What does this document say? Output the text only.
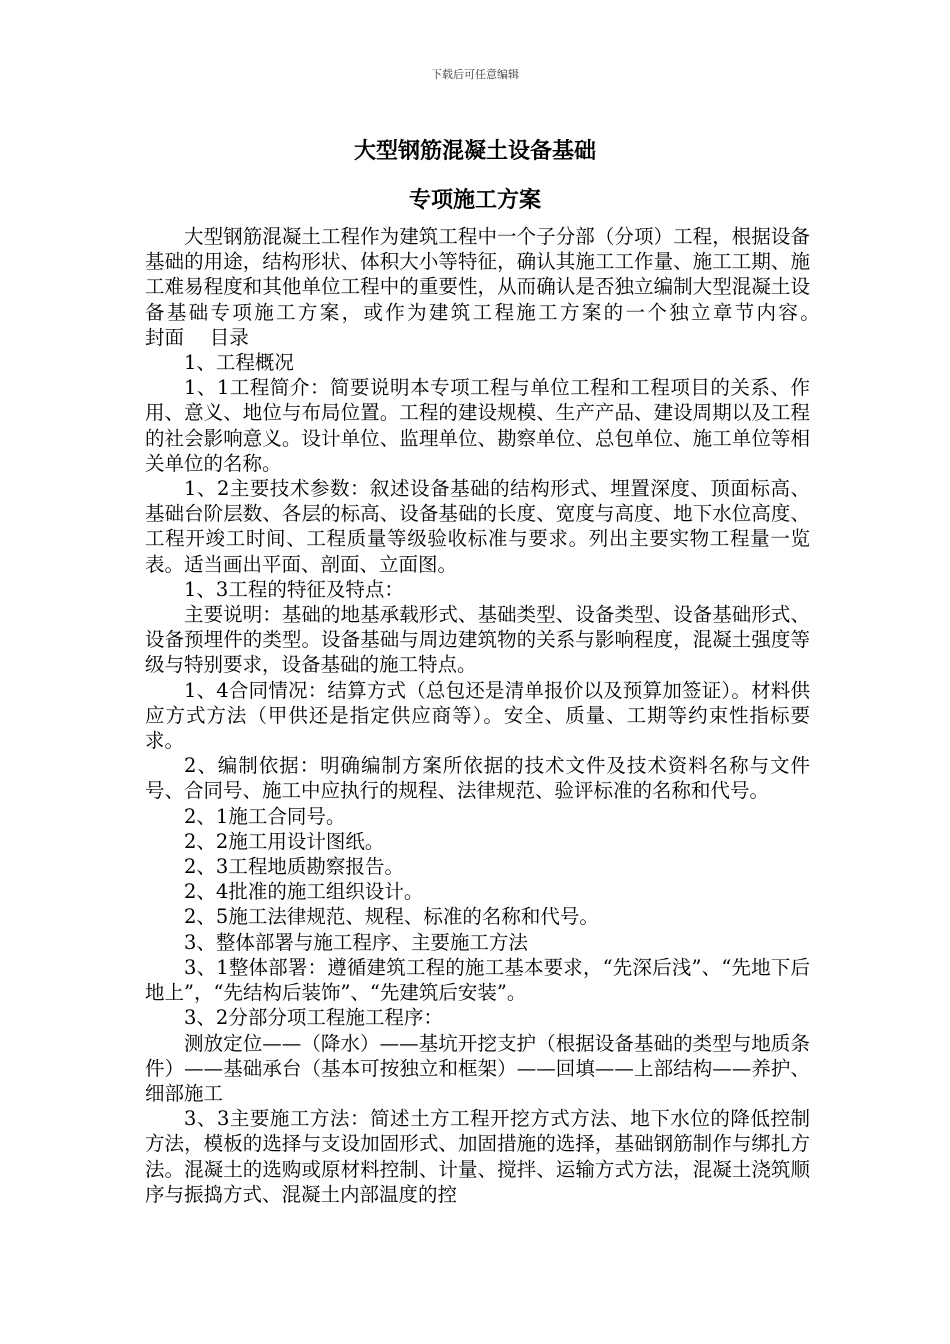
下载后可任意编辑
大型钢筋混凝土设备基础
专项施工方案

大型钢筋混凝土工程作为建筑工程中一个子分部（分项）工程，根据设备基础的用途，结构形状、体积大小等特征，确认其施工工作量、施工工期、施工难易程度和其他单位工程中的重要性，从而确认是否独立编制大型混凝土设备基础专项施工方案，或作为建筑工程施工方案的一个独立章节内容。　　　　　　封面　 目录

1、工程概况

1、1工程简介：简要说明本专项工程与单位工程和工程项目的关系、作用、意义、地位与布局位置。工程的建设规模、生产产品、建设周期以及工程的社会影响意义。设计单位、监理单位、勘察单位、总包单位、施工单位等相关单位的名称。

1、2主要技术参数：叙述设备基础的结构形式、埋置深度、顶面标高、基础台阶层数、各层的标高、设备基础的长度、宽度与高度、地下水位高度、工程开竣工时间、工程质量等级验收标准与要求。列出主要实物工程量一览表。适当画出平面、剖面、立面图。

1、3工程的特征及特点：

主要说明：基础的地基承载形式、基础类型、设备类型、设备基础形式、设备预埋件的类型。设备基础与周边建筑物的关系与影响程度，混凝土强度等级与特别要求，设备基础的施工特点。

1、4合同情况：结算方式（总包还是清单报价以及预算加签证）。材料供应方式方法（甲供还是指定供应商等）。安全、质量、工期等约束性指标要求。

2、编制依据：明确编制方案所依据的技术文件及技术资料名称与文件号、合同号、施工中应执行的规程、法律规范、验评标准的名称和代号。

2、1施工合同号。

2、2施工用设计图纸。

2、3工程地质勘察报告。

2、4批准的施工组织设计。

2、5施工法律规范、规程、标准的名称和代号。

3、整体部署与施工程序、主要施工方法

3、1整体部署：遵循建筑工程的施工基本要求，“先深后浅”、“先地下后地上”，“先结构后装饰”、“先建筑后安装”。

3、2分部分项工程施工程序：

测放定位——（降水）——基坑开挖支护（根据设备基础的类型与地质条件）——基础承台（基本可按独立和框架）——回填——上部结构——养护、细部施工

3、3主要施工方法：简述土方工程开挖方式方法、地下水位的降低控制方法，模板的选择与支设加固形式、加固措施的选择，基础钢筋制作与绑扎方法。混凝土的选购或原材料控制、计量、搅拌、运输方式方法，混凝土浇筑顺序与振捣方式、混凝土内部温度的控
